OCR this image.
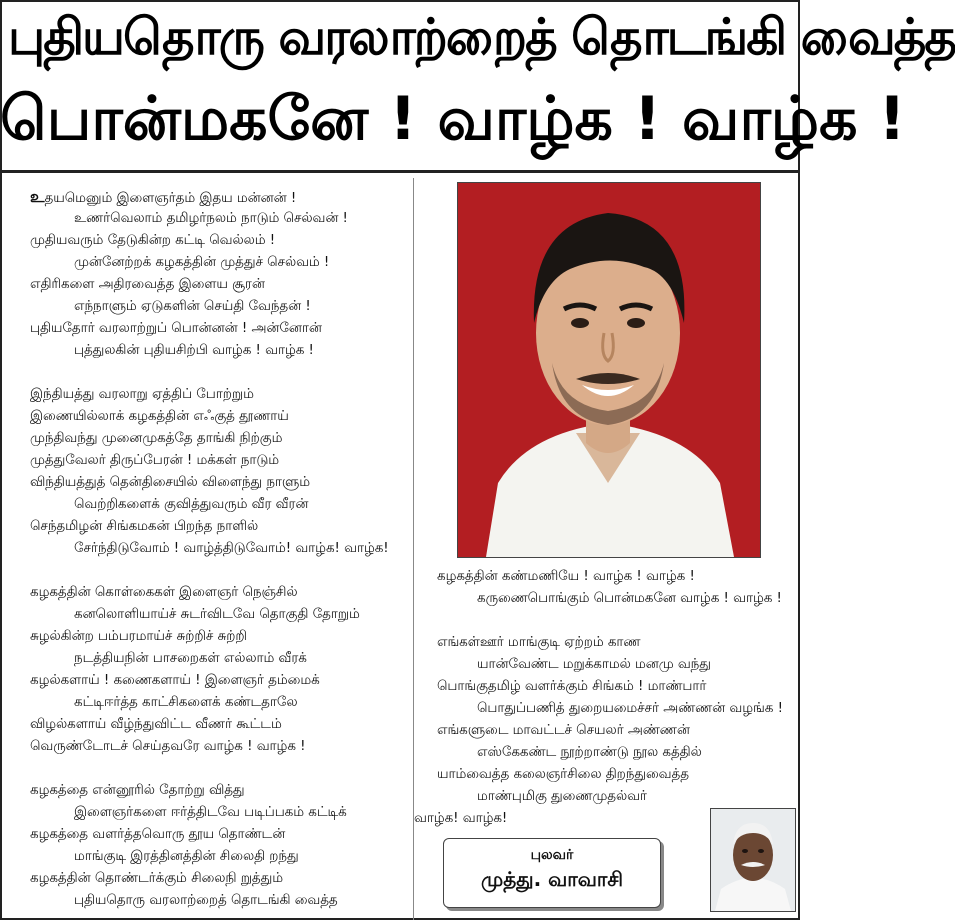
புதியதொரு வரலாற்றைத் தொடங்கி வைத்த
பொன்மகனே ! வாழ்க ! வாழ்க !
உதயமெனும் இளைஞர்தம் இதய மன்னன் !
உணர்வெலாம் தமிழர்நலம் நாடும் செல்வன் !
முதியவரும் தேடுகின்ற கட்டி வெல்லம் !
முன்னேற்றக் கழகத்தின் முத்துச் செல்வம் !
எதிரிகளை அதிரவைத்த இளைய சூரன்
எந்நாளும் ஏடுகளின் செய்தி வேந்தன் !
புதியதோர் வரலாற்றுப் பொன்னன் ! அன்னோன்
புத்துலகின் புதியசிற்பி வாழ்க ! வாழ்க !
இந்தியத்து வரலாறு ஏத்திப் போற்றும்
இணையில்லாக் கழகத்தின் எஃகுத் தூணாய்
முந்திவந்து முனைமுகத்தே தாங்கி நிற்கும்
முத்துவேலர் திருப்பேரன் ! மக்கள் நாடும்
விந்தியத்துத் தென்திசையில் விளைந்து நாளும்
வெற்றிகளைக் குவித்துவரும் வீர வீரன்
செந்தமிழன் சிங்கமகன் பிறந்த நாளில்
சேர்ந்திடுவோம் ! வாழ்த்திடுவோம்! வாழ்க! வாழ்க!
கழகத்தின் கொள்கைகள் இளைஞர் நெஞ்சில்
கனலொளியாய்ச் சுடர்விடவே தொகுதி தோறும்
சுழல்கின்ற பம்பரமாய்ச் சுற்றிச் சுற்றி
நடத்தியநின் பாசறைகள் எல்லாம் வீரக்
கழல்களாய் ! கணைகளாய் ! இளைஞர் தம்மைக்
கட்டிஈர்த்த காட்சிகளைக் கண்டதாலே
விழல்களாய் வீழ்ந்துவிட்ட வீணர் கூட்டம்
வெருண்டோடச் செய்தவரே வாழ்க ! வாழ்க !
கழகத்தை என்னூரில் தோற்று வித்து
இளைஞர்களை ஈர்த்திடவே படிப்பகம் கட்டிக்
கழகத்தை வளர்த்தவொரு தூய தொண்டன்
மாங்குடி இரத்தினத்தின் சிலைதி றந்து
கழகத்தின் தொண்டர்க்கும் சிலைநி றுத்தும்
புதியதொரு வரலாற்றைத் தொடங்கி வைத்த
கழகத்தின் கண்மணியே ! வாழ்க ! வாழ்க !
கருணைபொங்கும் பொன்மகனே வாழ்க ! வாழ்க !
எங்கள்ஊர் மாங்குடி ஏற்றம் காண
யான்வேண்ட மறுக்காமல் மனமு வந்து
பொங்குதமிழ் வளர்க்கும் சிங்கம் ! மாண்பார்
பொதுப்பணித் துறையமைச்சர் அண்ணன் வழங்க !
எங்களுடை மாவட்டச் செயலர் அண்ணன்
எஸ்கேகண்ட நூற்றாண்டு நூல கத்தில்
யாம்வைத்த கலைஞர்சிலை திறந்துவைத்த
மாண்புமிகு துணைமுதல்வர்
வாழ்க! வாழ்க!
புலவர்
முத்து. வாவாசி
